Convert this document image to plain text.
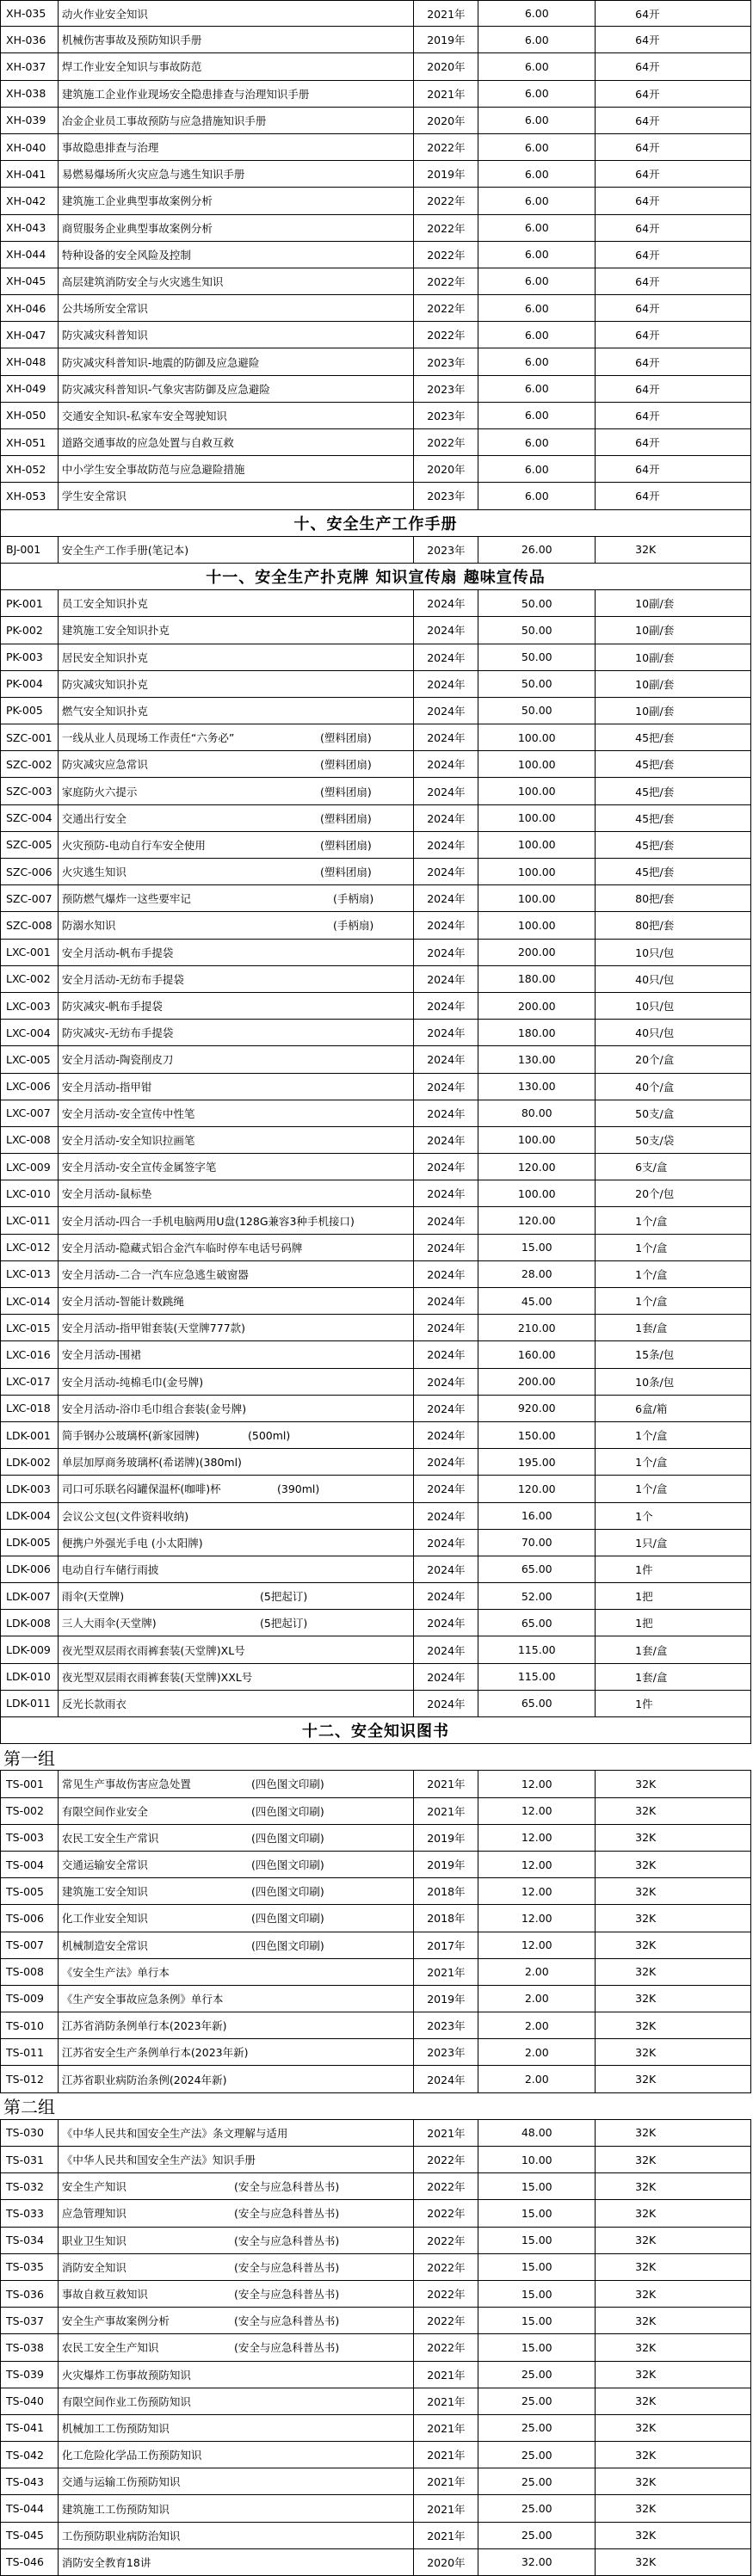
XH-035	动火作业安全知识	2021年	6.00	64开
XH-036	机械伤害事故及预防知识手册	2019年	6.00	64开
XH-037	焊工作业安全知识与事故防范	2020年	6.00	64开
XH-038	建筑施工企业作业现场安全隐患排查与治理知识手册	2021年	6.00	64开
XH-039	冶金企业员工事故预防与应急措施知识手册	2020年	6.00	64开
XH-040	事故隐患排查与治理	2022年	6.00	64开
XH-041	易燃易爆场所火灾应急与逃生知识手册	2019年	6.00	64开
XH-042	建筑施工企业典型事故案例分析	2022年	6.00	64开
XH-043	商贸服务企业典型事故案例分析	2022年	6.00	64开
XH-044	特种设备的安全风险及控制	2022年	6.00	64开
XH-045	高层建筑消防安全与火灾逃生知识	2022年	6.00	64开
XH-046	公共场所安全常识	2022年	6.00	64开
XH-047	防灾减灾科普知识	2022年	6.00	64开
XH-048	防灾减灾科普知识-地震的防御及应急避险	2023年	6.00	64开
XH-049	防灾减灾科普知识-气象灾害防御及应急避险	2023年	6.00	64开
XH-050	交通安全知识-私家车安全驾驶知识	2023年	6.00	64开
XH-051	道路交通事故的应急处置与自救互救	2022年	6.00	64开
XH-052	中小学生安全事故防范与应急避险措施	2020年	6.00	64开
XH-053	学生安全常识	2023年	6.00	64开
十、安全生产工作手册
BJ-001	安全生产工作手册(笔记本)	2023年	26.00	32K
十一、安全生产扑克牌 知识宣传扇 趣味宣传品
PK-001	员工安全知识扑克	2024年	50.00	10副/套
PK-002	建筑施工安全知识扑克	2024年	50.00	10副/套
PK-003	居民安全知识扑克	2024年	50.00	10副/套
PK-004	防灾减灾知识扑克	2024年	50.00	10副/套
PK-005	燃气安全知识扑克	2024年	50.00	10副/套
SZC-001 一线从业人员现场工作责任“六务必”	(塑料团扇)	2024年	100.00	45把/套
SZC-002 防灾减灾应急常识	(塑料团扇)	2024年	100.00	45把/套
SZC-003 家庭防火六提示	(塑料团扇)	2024年	100.00	45把/套
SZC-004 交通出行安全	(塑料团扇)	2024年	100.00	45把/套
SZC-005 火灾预防-电动自行车安全使用	(塑料团扇)	2024年	100.00	45把/套
SZC-006 火灾逃生知识	(塑料团扇)	2024年	100.00	45把/套
SZC-007 预防燃气爆炸一这些要牢记	(手柄扇)	2024年	100.00	80把/套
SZC-008 防溺水知识	(手柄扇)	2024年	100.00	80把/套
LXC-001	安全月活动-帆布手提袋	2024年	200.00	10只/包
LXC-002	安全月活动-无纺布手提袋	2024年	180.00	40只/包
LXC-003	防灾减灾-帆布手提袋	2024年	200.00	10只/包
LXC-004	防灾减灾-无纺布手提袋	2024年	180.00	40只/包
LXC-005	安全月活动-陶瓷削皮刀	2024年	130.00	20个/盒
LXC-006	安全月活动-指甲钳	2024年	130.00	40个/盒
LXC-007	安全月活动-安全宣传中性笔	2024年	80.00	50支/盒
LXC-008	安全月活动-安全知识拉画笔	2024年	100.00	50支/袋
LXC-009	安全月活动-安全宣传金属签字笔	2024年	120.00	6支/盒
LXC-010	安全月活动-鼠标垫	2024年	100.00	20个/包
LXC-011	安全月活动-四合一手机电脑两用U盘(128G兼容3种手机接口)	2024年	120.00	1个/盒
LXC-012	安全月活动-隐藏式铝合金汽车临时停车电话号码牌	2024年	15.00	1个/盒
LXC-013	安全月活动-二合一汽车应急逃生破窗器	2024年	28.00	1个/盒
LXC-014	安全月活动-智能计数跳绳	2024年	45.00	1个/盒
LXC-015	安全月活动-指甲钳套装(天堂牌777款)	2024年	210.00	1套/盒
LXC-016	安全月活动-围裙	2024年	160.00	15条/包
LXC-017	安全月活动-纯棉毛巾(金号牌)	2024年	200.00	10条/包
LXC-018	安全月活动-浴巾毛巾组合套装(金号牌)	2024年	920.00	6盒/箱
LDK-001	简手钢办公玻璃杯(新家园牌)	(500ml)	2024年	150.00	1个/盒
LDK-002	单层加厚商务玻璃杯(希诺牌)(380ml)	2024年	195.00	1个/盒
LDK-003	司口可乐联名闷罐保温杯(咖啡)杯	(390ml)	2024年	120.00	1个/盒
LDK-004	会议公文包(文件资料收纳)	2024年	16.00	1个
LDK-005	便携户外强光手电 (小太阳牌)	2024年	70.00	1只/盒
LDK-006	电动自行车储行雨披	2024年	65.00	1件
LDK-007	雨伞(天堂牌)	(5把起订)	2024年	52.00	1把
LDK-008	三人大雨伞(天堂牌)	(5把起订)	2024年	65.00	1把
LDK-009	夜光型双层雨衣雨裤套装(天堂牌)XL号	2024年	115.00	1套/盒
LDK-010	夜光型双层雨衣雨裤套装(天堂牌)XXL号	2024年	115.00	1套/盒
LDK-011	反光长款雨衣	2024年	65.00	1件
十二、安全知识图书
第一组
TS-001	常见生产事故伤害应急处置	(四色图文印刷)	2021年	12.00	32K
TS-002	有限空间作业安全	(四色图文印刷)	2021年	12.00	32K
TS-003	农民工安全生产常识	(四色图文印刷)	2019年	12.00	32K
TS-004	交通运输安全常识	(四色图文印刷)	2019年	12.00	32K
TS-005	建筑施工安全知识	(四色图文印刷)	2018年	12.00	32K
TS-006	化工作业安全知识	(四色图文印刷)	2018年	12.00	32K
TS-007	机械制造安全常识	(四色图文印刷)	2017年	12.00	32K
TS-008	《安全生产法》单行本	2021年	2.00	32K
TS-009	《生产安全事故应急条例》单行本	2019年	2.00	32K
TS-010	江苏省消防条例单行本(2023年新)	2023年	2.00	32K
TS-011	江苏省安全生产条例单行本(2023年新)	2023年	2.00	32K
TS-012	江苏省职业病防治条例(2024年新)	2024年	2.00	32K
第二组
TS-030	《中华人民共和国安全生产法》条文理解与适用	2021年	48.00	32K
TS-031	《中华人民共和国安全生产法》知识手册	2022年	10.00	32K
TS-032	安全生产知识	(安全与应急科普丛书)	2022年	15.00	32K
TS-033	应急管理知识	(安全与应急科普丛书)	2022年	15.00	32K
TS-034	职业卫生知识	(安全与应急科普丛书)	2022年	15.00	32K
TS-035	消防安全知识	(安全与应急科普丛书)	2022年	15.00	32K
TS-036	事故自救互救知识	(安全与应急科普丛书)	2022年	15.00	32K
TS-037	安全生产事故案例分析	(安全与应急科普丛书)	2022年	15.00	32K
TS-038	农民工安全生产知识	(安全与应急科普丛书)	2022年	15.00	32K
TS-039	火灾爆炸工伤事故预防知识	2021年	25.00	32K
TS-040	有限空间作业工伤预防知识	2021年	25.00	32K
TS-041	机械加工工伤预防知识	2021年	25.00	32K
TS-042	化工危险化学品工伤预防知识	2021年	25.00	32K
TS-043	交通与运输工伤预防知识	2021年	25.00	32K
TS-044	建筑施工工伤预防知识	2021年	25.00	32K
TS-045	工伤预防职业病防治知识	2021年	25.00	32K
TS-046	消防安全教育18讲	2020年	32.00	32K
